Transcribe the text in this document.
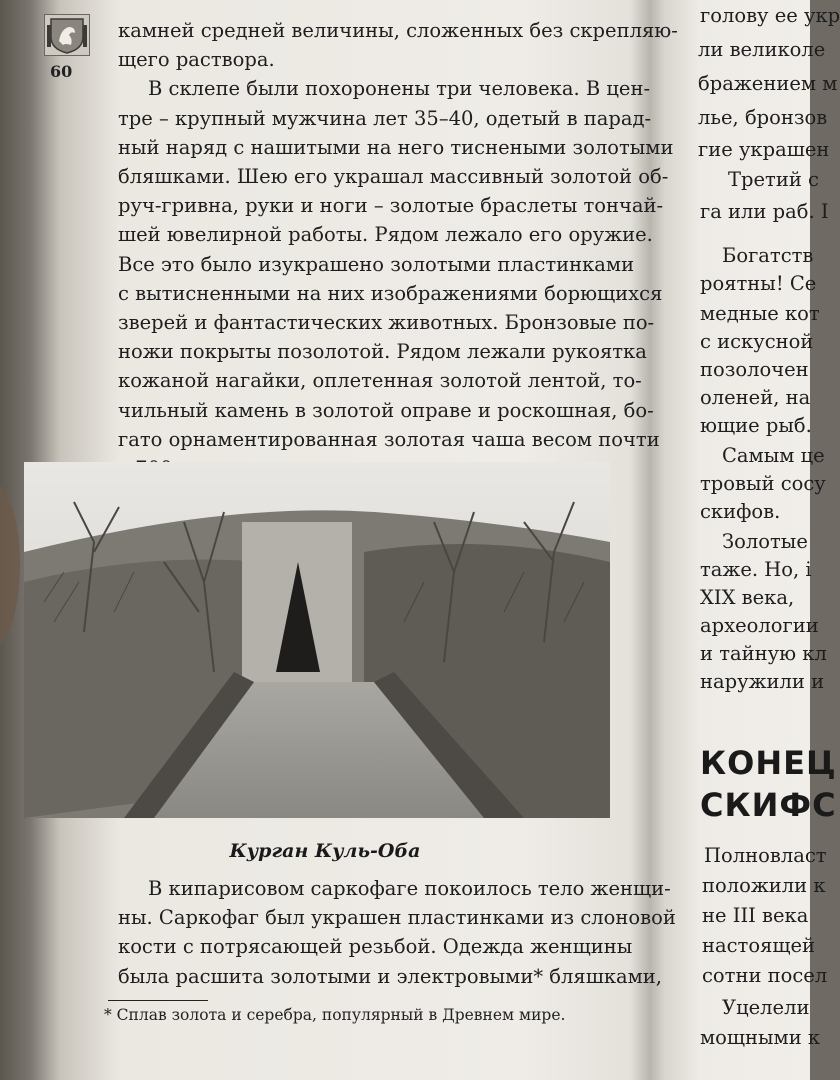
60
камней средней величины, сложенных без скрепляю-
щего раствора.
В склепе были похоронены три человека. В цен-
тре – крупный мужчина лет 35–40, одетый в парад-
ный наряд с нашитыми на него тиснеными золотыми
бляшками. Шею его украшал массивный золотой об-
руч-гривна, руки и ноги – золотые браслеты тончай-
шей ювелирной работы. Рядом лежало его оружие.
Все это было изукрашено золотыми пластинками
с вытисненными на них изображениями борющихся
зверей и фантастических животных. Бронзовые по-
ножи покрыты позолотой. Рядом лежали рукоятка
кожаной нагайки, оплетенная золотой лентой, то-
чильный камень в золотой оправе и роскошная, бо-
гато орнаментированная золотая чаша весом почти
Курган Куль-Оба
В кипарисовом саркофаге покоилось тело женщи-
ны. Саркофаг был украшен пластинками из слоновой
кости с потрясающей резьбой. Одежда женщины
была расшита золотыми и электровыми* бляшками,
* Сплав золота и серебра, популярный в Древнем мире.
голову ее укр
ли великоле
бражением м
лье, бронзов
гие украшен
Третий с
га или раб. I
Богатств
роятны! Се
медные кот
с искусной
позолочен
оленей, на
ющие рыб.
Самым це
тровый сосу
скифов.
Золотые
таже. Но, і
XIX века,
археологии
и тайную кл
наружили и
КОНЕЦ
СКИФС
Полновласт
положили к
не III века
настоящей
сотни посел
Уцелели
мощными к
